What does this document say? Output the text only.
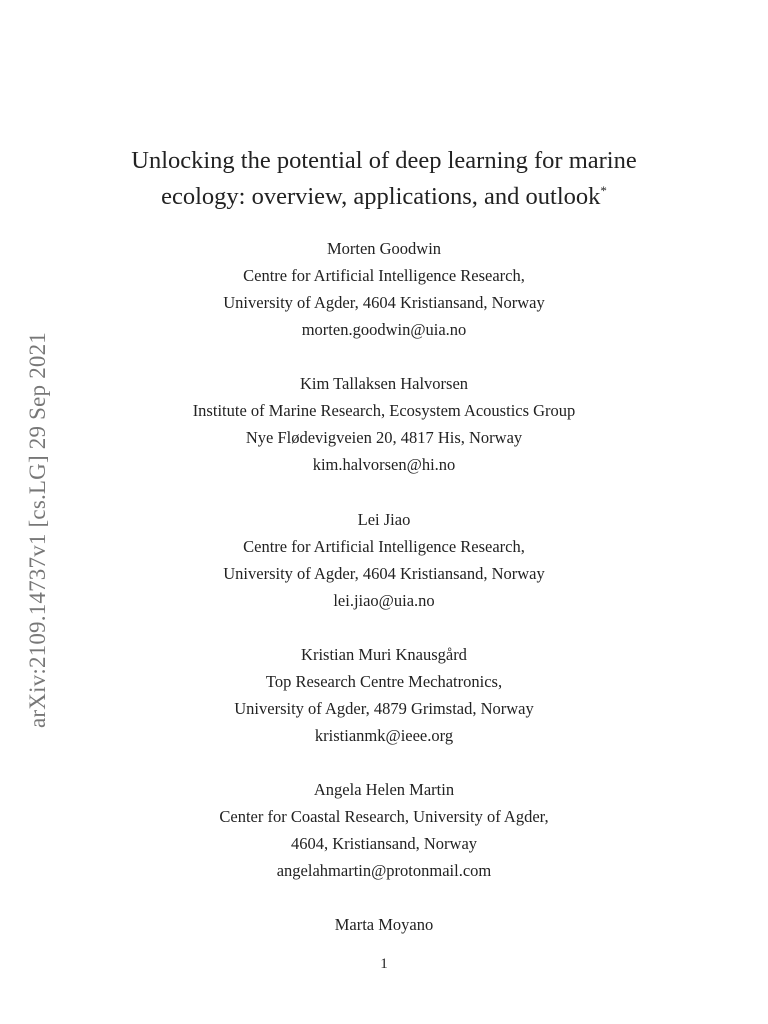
arXiv:2109.14737v1 [cs.LG] 29 Sep 2021
Unlocking the potential of deep learning for marine
ecology: overview, applications, and outlook*
Morten Goodwin
Centre for Artificial Intelligence Research,
University of Agder, 4604 Kristiansand, Norway
morten.goodwin@uia.no
Kim Tallaksen Halvorsen
Institute of Marine Research, Ecosystem Acoustics Group
Nye Flødevigveien 20, 4817 His, Norway
kim.halvorsen@hi.no
Lei Jiao
Centre for Artificial Intelligence Research,
University of Agder, 4604 Kristiansand, Norway
lei.jiao@uia.no
Kristian Muri Knausgård
Top Research Centre Mechatronics,
University of Agder, 4879 Grimstad, Norway
kristianmk@ieee.org
Angela Helen Martin
Center for Coastal Research, University of Agder,
4604, Kristiansand, Norway
angelahmartin@protonmail.com
Marta Moyano
1
